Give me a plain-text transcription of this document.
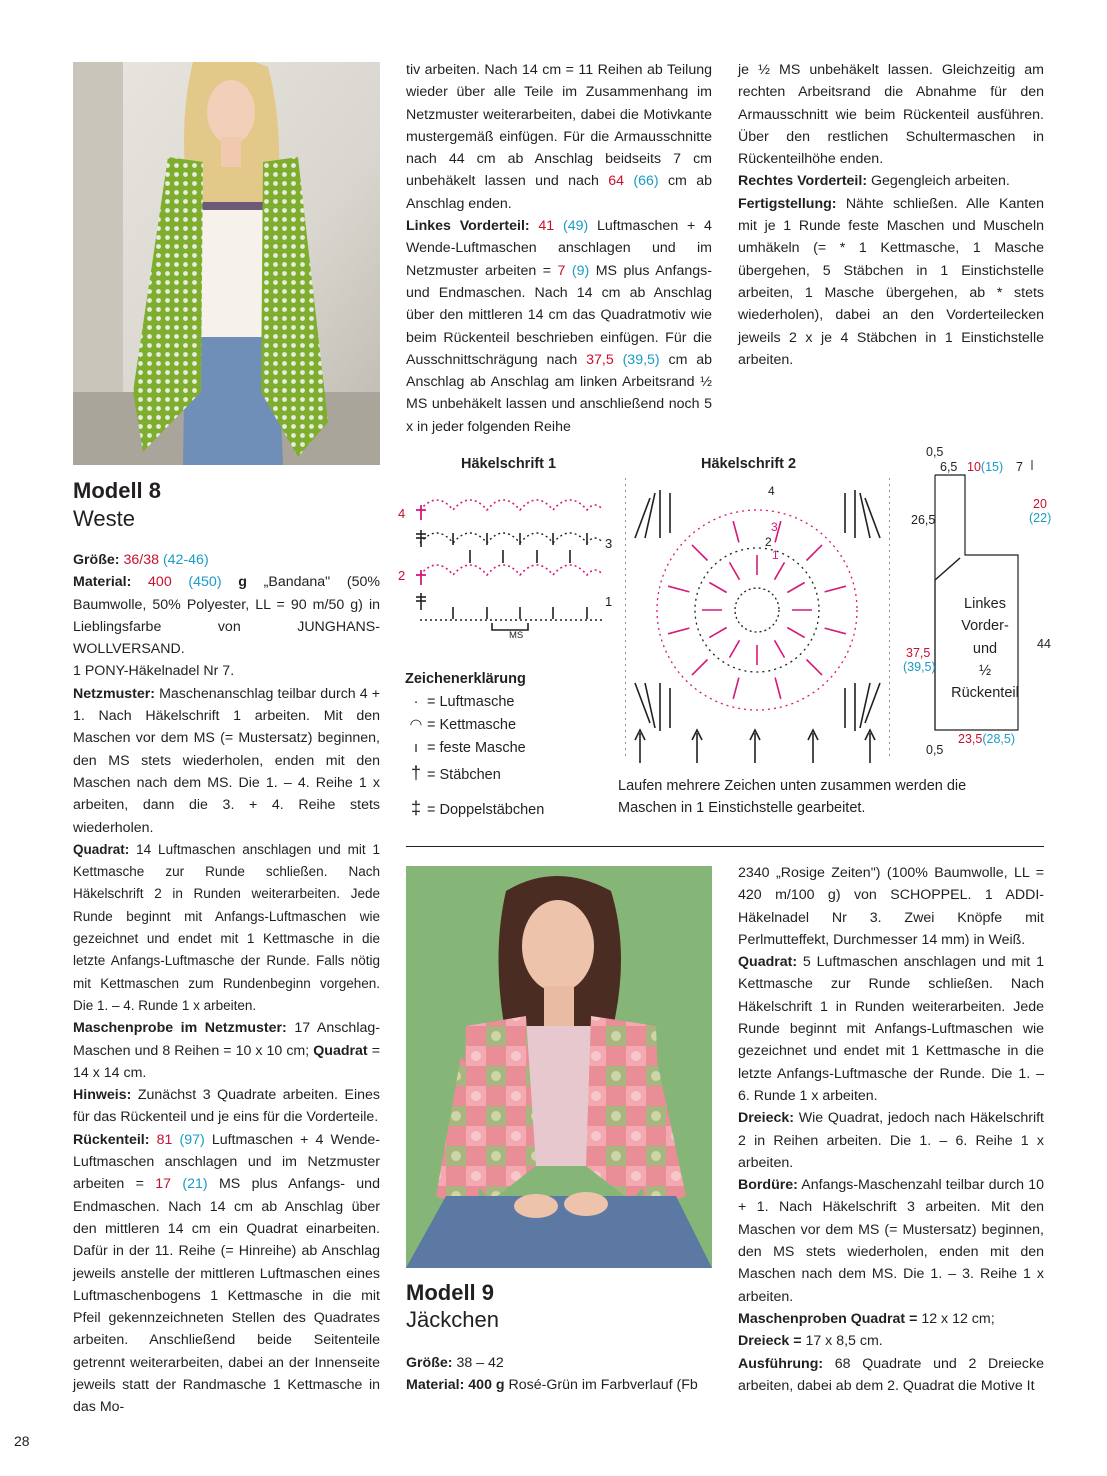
Modell 8
Weste

Größe: 36/38 (42-46)

Material: 400 (450) g „Bandana" (50% Baumwolle, 50% Polyester, LL = 90 m/50 g) in Lieblingsfarbe von JUNGHANS-WOLLVERSAND.

1 PONY-Häkelnadel Nr 7.

Netzmuster: Maschenanschlag teilbar durch 4 + 1. Nach Häkelschrift 1 arbeiten. Mit den Maschen vor dem MS (= Mustersatz) beginnen, den MS stets wiederholen, enden mit den Maschen nach dem MS. Die 1. – 4. Reihe 1 x arbeiten, dann die 3. + 4. Reihe stets wiederholen.

Quadrat: 14 Luftmaschen anschlagen und mit 1 Kettmasche zur Runde schließen. Nach Häkelschrift 2 in Runden weiterarbeiten. Jede Runde beginnt mit Anfangs-Luftmaschen wie gezeichnet und endet mit 1 Kettmasche in die letzte Anfangs-Luftmasche der Runde. Falls nötig mit Kettmaschen zum Rundenbeginn vorgehen. Die 1. – 4. Runde 1 x arbeiten.

Maschenprobe im Netzmuster: 17 Anschlag-Maschen und 8 Reihen = 10 x 10 cm; Quadrat = 14 x 14 cm.

Hinweis: Zunächst 3 Quadrate arbeiten. Eines für das Rückenteil und je eins für die Vorderteile.

Rückenteil: 81 (97) Luftmaschen + 4 Wende-Luftmaschen anschlagen und im Netzmuster arbeiten = 17 (21) MS plus Anfangs- und Endmaschen. Nach 14 cm ab Anschlag über den mittleren 14 cm ein Quadrat einarbeiten. Dafür in der 11. Reihe (= Hinreihe) ab Anschlag jeweils anstelle der mittleren Luftmaschen eines Luftmaschenbogens 1 Kettmasche in die mit Pfeil gekennzeichneten Stellen des Quadrates arbeiten. Anschließend beide Seitenteile getrennt weiterarbeiten, dabei an der Innenseite jeweils statt der Randmasche 1 Kettmasche in das Mo-

tiv arbeiten. Nach 14 cm = 11 Reihen ab Teilung wieder über alle Teile im Zusammenhang im Netzmuster weiterarbeiten, dabei die Motivkante mustergemäß einfügen. Für die Armausschnitte nach 44 cm ab Anschlag beidseits 7 cm unbehäkelt lassen und nach 64 (66) cm ab Anschlag enden.

Linkes Vorderteil: 41 (49) Luftmaschen + 4 Wende-Luftmaschen anschlagen und im Netzmuster arbeiten = 7 (9) MS plus Anfangs- und Endmaschen. Nach 14 cm ab Anschlag über den mittleren 14 cm das Quadratmotiv wie beim Rückenteil beschrieben einfügen. Für die Ausschnittschrägung nach 37,5 (39,5) cm ab Anschlag ab Anschlag am linken Arbeitsrand ½ MS unbehäkelt lassen und anschließend noch 5 x in jeder folgenden Reihe

je ½ MS unbehäkelt lassen. Gleichzeitig am rechten Arbeitsrand die Abnahme für den Armausschnitt wie beim Rückenteil ausführen. Über den restlichen Schultermaschen in Rückenteilhöhe enden.

Rechtes Vorderteil: Gegengleich arbeiten.

Fertigstellung: Nähte schließen. Alle Kanten mit je 1 Runde feste Maschen und Muscheln umhäkeln (= * 1 Kettmasche, 1 Masche übergehen, 5 Stäbchen in 1 Einstichstelle arbeiten, 1 Masche übergehen, ab * stets wiederholen), dabei an den Vorderteilecken jeweils 2 x je 4 Stäbchen in 1 Einstichstelle arbeiten.

Häkelschrift 1
4
3
2
1
MS
Häkelschrift 2
4
3
2
1
Zeichenerklärung
· = Luftmasche
◠ = Kettmasche
ı = feste Masche
† = Stäbchen
‡ = Doppelstäbchen
Laufen mehrere Zeichen unten zusammen werden die Maschen in 1 Einstichstelle gearbeitet.
0,5
6,5 10(15) 7
20
(22)
26,5
37,5
(39,5)
44
0,5
23,5(28,5)
Linkes
Vorder-
und
½
Rückenteil
Modell 9
Jäckchen

Größe: 38 – 42

Material: 400 g Rosé-Grün im Farbverlauf (Fb

2340 „Rosige Zeiten") (100% Baumwolle, LL = 420 m/100 g) von SCHOPPEL. 1 ADDI-Häkelnadel Nr 3. Zwei Knöpfe mit Perlmutteffekt, Durchmesser 14 mm) in Weiß.

Quadrat: 5 Luftmaschen anschlagen und mit 1 Kettmasche zur Runde schließen. Nach Häkelschrift 1 in Runden weiterarbeiten. Jede Runde beginnt mit Anfangs-Luftmaschen wie gezeichnet und endet mit 1 Kettmasche in die letzte Anfangs-Luftmasche der Runde. Die 1. – 6. Runde 1 x arbeiten.

Dreieck: Wie Quadrat, jedoch nach Häkelschrift 2 in Reihen arbeiten. Die 1. – 6. Reihe 1 x arbeiten.

Bordüre: Anfangs-Maschenzahl teilbar durch 10 + 1. Nach Häkelschrift 3 arbeiten. Mit den Maschen vor dem MS (= Mustersatz) beginnen, den MS stets wiederholen, enden mit den Maschen nach dem MS. Die 1. – 3. Reihe 1 x arbeiten.

Maschenproben Quadrat = 12 x 12 cm;

Dreieck = 17 x 8,5 cm.

Ausführung: 68 Quadrate und 2 Dreiecke arbeiten, dabei ab dem 2. Quadrat die Motive It

28
